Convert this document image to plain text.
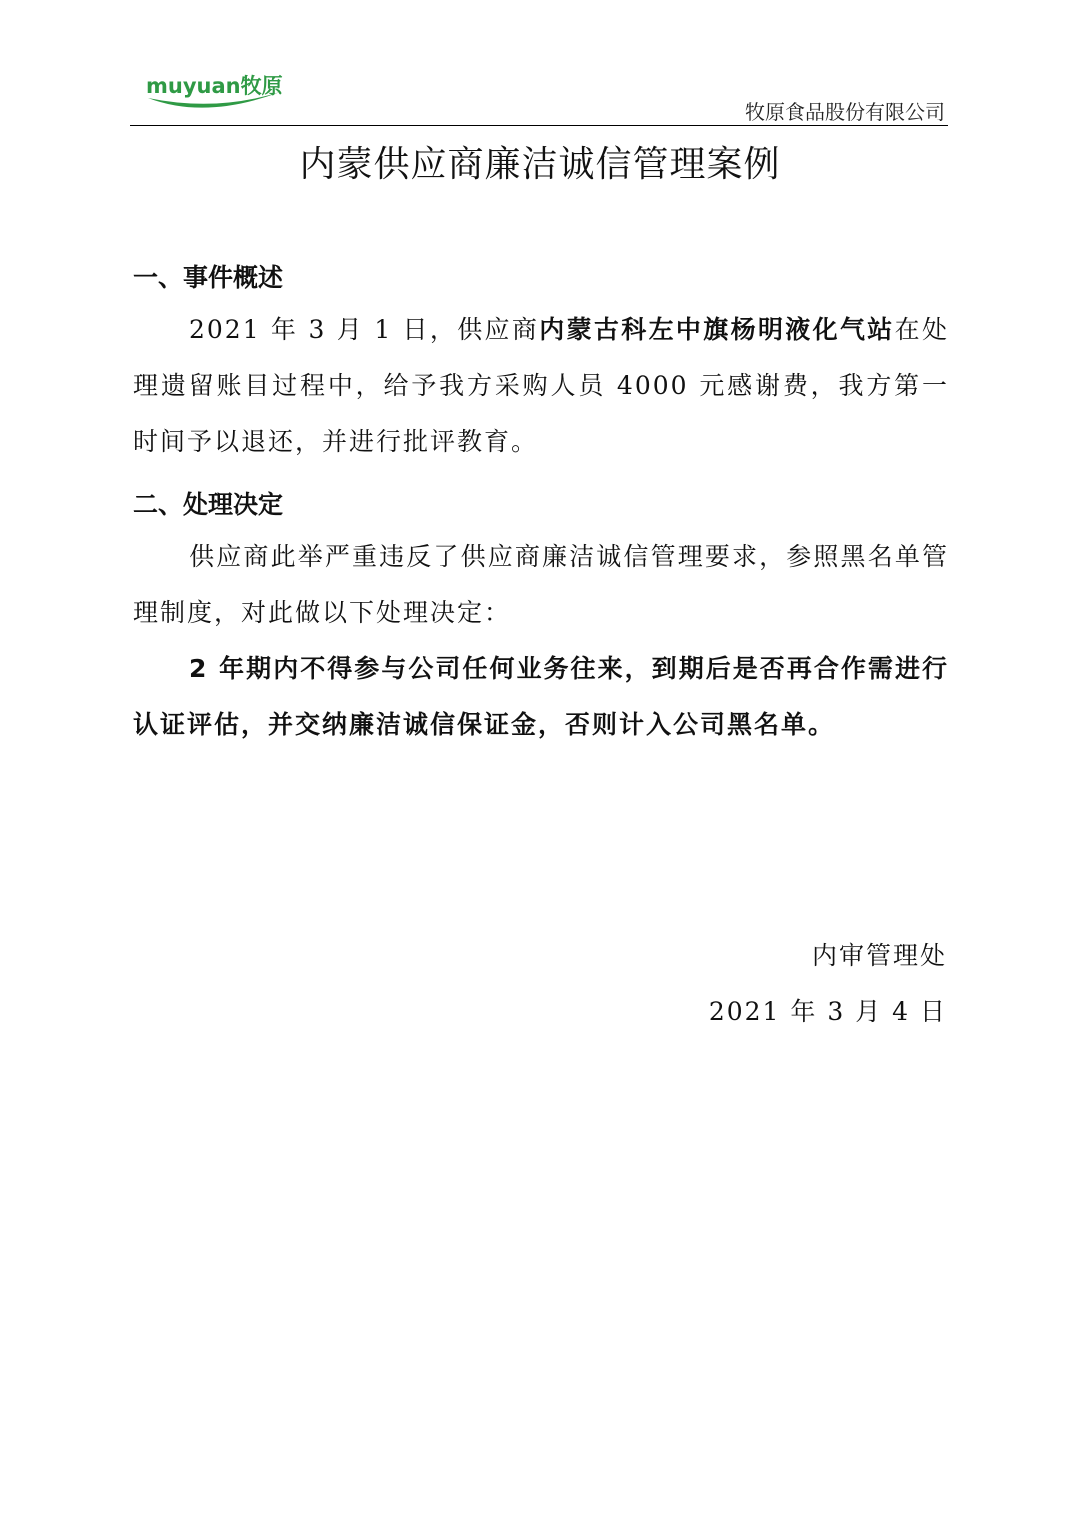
muyuan牧原
牧原食品股份有限公司
内蒙供应商廉洁诚信管理案例
一、事件概述
2021 年 3 月 1 日，供应商内蒙古科左中旗杨明液化气站在处理遗留账目过程中，给予我方采购人员 4000 元感谢费，我方第一时间予以退还，并进行批评教育。
二、处理决定
供应商此举严重违反了供应商廉洁诚信管理要求，参照黑名单管理制度，对此做以下处理决定：
2 年期内不得参与公司任何业务往来，到期后是否再合作需进行认证评估，并交纳廉洁诚信保证金，否则计入公司黑名单。
内审管理处
2021 年 3 月 4 日
